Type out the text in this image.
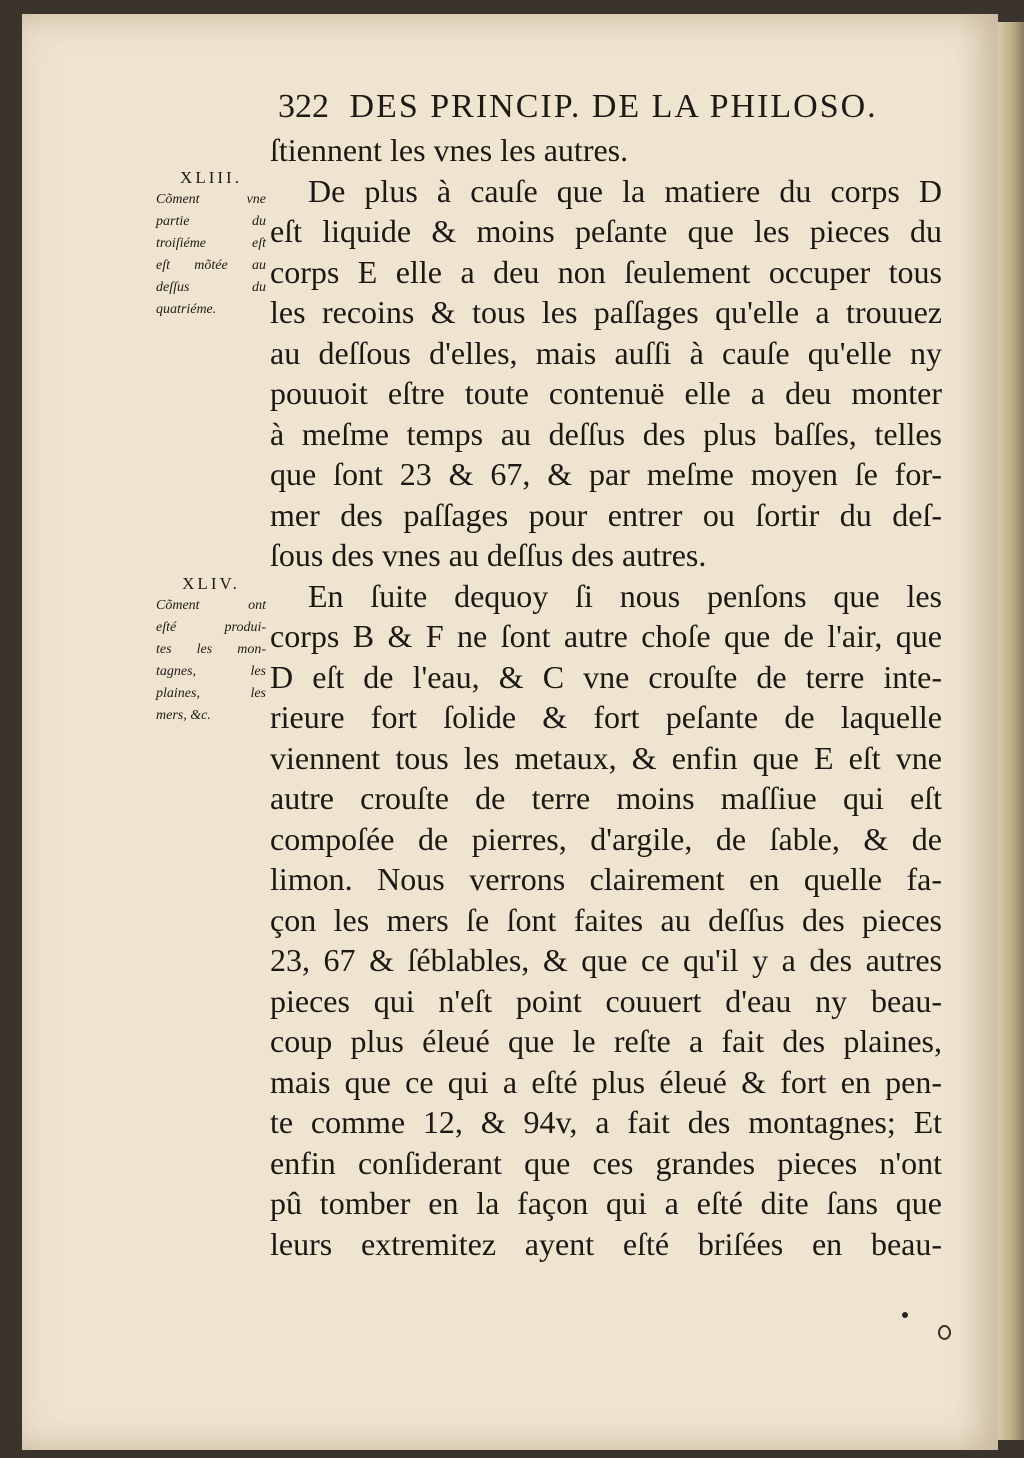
322 DES PRINCIP. DE LA PHILOSO.
XLIII.
Cõment vne
partie du
troiſiéme eſt
eſt mõtée au
deſſus du
quatriéme.
XLIV.
Cõment ont
eſté produi-
tes les mon-
tagnes, les
plaines, les
mers, &c.
ſtiennent les vnes les autres.
De plus à cauſe que la matiere du corps D
eſt liquide & moins peſante que les pieces du
corps E elle a deu non ſeulement occuper tous
les recoins & tous les paſſages qu'elle a trouuez
au deſſous d'elles, mais auſſi à cauſe qu'elle ny
pouuoit eſtre toute contenuë elle a deu monter
à meſme temps au deſſus des plus baſſes, telles
que ſont 23 & 67, & par meſme moyen ſe for-
mer des paſſages pour entrer ou ſortir du deſ-
ſous des vnes au deſſus des autres.
En ſuite dequoy ſi nous penſons que les
corps B & F ne ſont autre choſe que de l'air, que
D eſt de l'eau, & C vne crouſte de terre inte-
rieure fort ſolide & fort peſante de laquelle
viennent tous les metaux, & enfin que E eſt vne
autre crouſte de terre moins maſſiue qui eſt
compoſée de pierres, d'argile, de ſable, & de
limon. Nous verrons clairement en quelle fa-
çon les mers ſe ſont faites au deſſus des pieces
23, 67 & ſéblables, & que ce qu'il y a des autres
pieces qui n'eſt point couuert d'eau ny beau-
coup plus éleué que le reſte a fait des plaines,
mais que ce qui a eſté plus éleué & fort en pen-
te comme 12, & 94v, a fait des montagnes; Et
enfin conſiderant que ces grandes pieces n'ont
pû tomber en la façon qui a eſté dite ſans que
leurs extremitez ayent eſté briſées en beau-
